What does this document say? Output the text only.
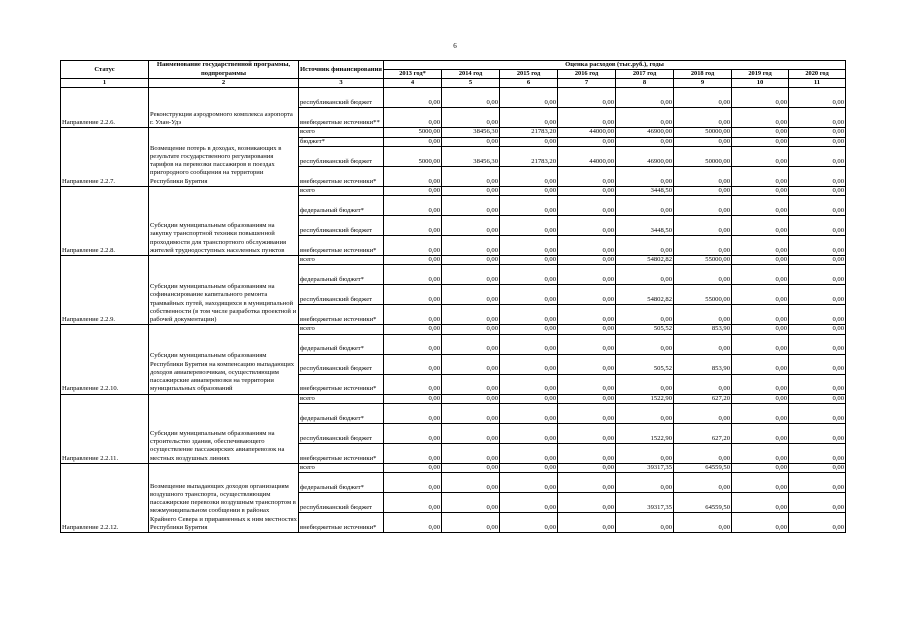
6
Статус	Наименование государственной программы, подпрограммы	Источник финансирования	Оценка расходов (тыс.руб.), годы							
			2013 год*	2014 год	2015 год	2016 год	2017 год	2018 год	2019 год	2020 год
1	2	3	4	5	6	7	8	9	10	11
Направление 2.2.6.	Реконструкция аэродромного комплекса аэропорта г. Улан-Удэ	республиканский бюджет	0,00	0,00	0,00	0,00	0,00	0,00	0,00	0,00
		внебюджетные источники**	0,00	0,00	0,00	0,00	0,00	0,00	0,00	0,00
Направление 2.2.7.	Возмещение потерь в доходах, возникающих в результате государственного регулирования тарифов на перевозки пассажиров в поездах пригородного сообщения на территории Республики Бурятия	всего	5000,00	38456,30	21783,20	44000,00	46900,00	50000,00	0,00	0,00
		бюджет*	0,00	0,00	0,00	0,00	0,00	0,00	0,00	0,00
		республиканский бюджет	5000,00	38456,30	21783,20	44000,00	46900,00	50000,00	0,00	0,00
		внебюджетные источники*	0,00	0,00	0,00	0,00	0,00	0,00	0,00	0,00
Направление 2.2.8.	Субсидии муниципальным образованиям на закупку транспортной техники повышенной проходимости для транспортного обслуживания жителей труднодоступных населенных пунктов	всего	0,00	0,00	0,00	0,00	3448,50	0,00	0,00	0,00
		федеральный бюджет*	0,00	0,00	0,00	0,00	0,00	0,00	0,00	0,00
		республиканский бюджет	0,00	0,00	0,00	0,00	3448,50	0,00	0,00	0,00
		внебюджетные источники*	0,00	0,00	0,00	0,00	0,00	0,00	0,00	0,00
Направление 2.2.9.	Субсидии муниципальным образованиям на софинансирование капитального ремонта трамвайных путей, находящихся в муниципальной собственности (в том числе разработка проектной и рабочей документации)	всего	0,00	0,00	0,00	0,00	54802,82	55000,00	0,00	0,00
		федеральный бюджет*	0,00	0,00	0,00	0,00	0,00	0,00	0,00	0,00
		республиканский бюджет	0,00	0,00	0,00	0,00	54802,82	55000,00	0,00	0,00
		внебюджетные источники*	0,00	0,00	0,00	0,00	0,00	0,00	0,00	0,00
Направление 2.2.10.	Субсидии муниципальным образованиям Республики Бурятия на компенсацию выпадающих доходов авиаперевозчикам, осуществляющим пассажирские авиаперевозки на территории муниципальных образований	всего	0,00	0,00	0,00	0,00	505,52	853,90	0,00	0,00
		федеральный бюджет*	0,00	0,00	0,00	0,00	0,00	0,00	0,00	0,00
		республиканский бюджет	0,00	0,00	0,00	0,00	505,52	853,90	0,00	0,00
		внебюджетные источники*	0,00	0,00	0,00	0,00	0,00	0,00	0,00	0,00
Направление 2.2.11.	Субсидии муниципальным образованиям на строительство здания, обеспечивающего осуществление пассажирских авиаперевозок на местных воздушных линиях	всего	0,00	0,00	0,00	0,00	1522,90	627,20	0,00	0,00
		федеральный бюджет*	0,00	0,00	0,00	0,00	0,00	0,00	0,00	0,00
		республиканский бюджет	0,00	0,00	0,00	0,00	1522,90	627,20	0,00	0,00
		внебюджетные источники*	0,00	0,00	0,00	0,00	0,00	0,00	0,00	0,00
Направление 2.2.12.	Возмещение выпадающих доходов организациям воздушного транспорта, осуществляющим пассажирские перевозки воздушным транспортом в межмуниципальном сообщении в районах Крайнего Севера и приравненных к ним местностях Республики Бурятия	всего	0,00	0,00	0,00	0,00	39317,35	64559,50	0,00	0,00
		федеральный бюджет*	0,00	0,00	0,00	0,00	0,00	0,00	0,00	0,00
		республиканский бюджет	0,00	0,00	0,00	0,00	39317,35	64559,50	0,00	0,00
		внебюджетные источники*	0,00	0,00	0,00	0,00	0,00	0,00	0,00	0,00
